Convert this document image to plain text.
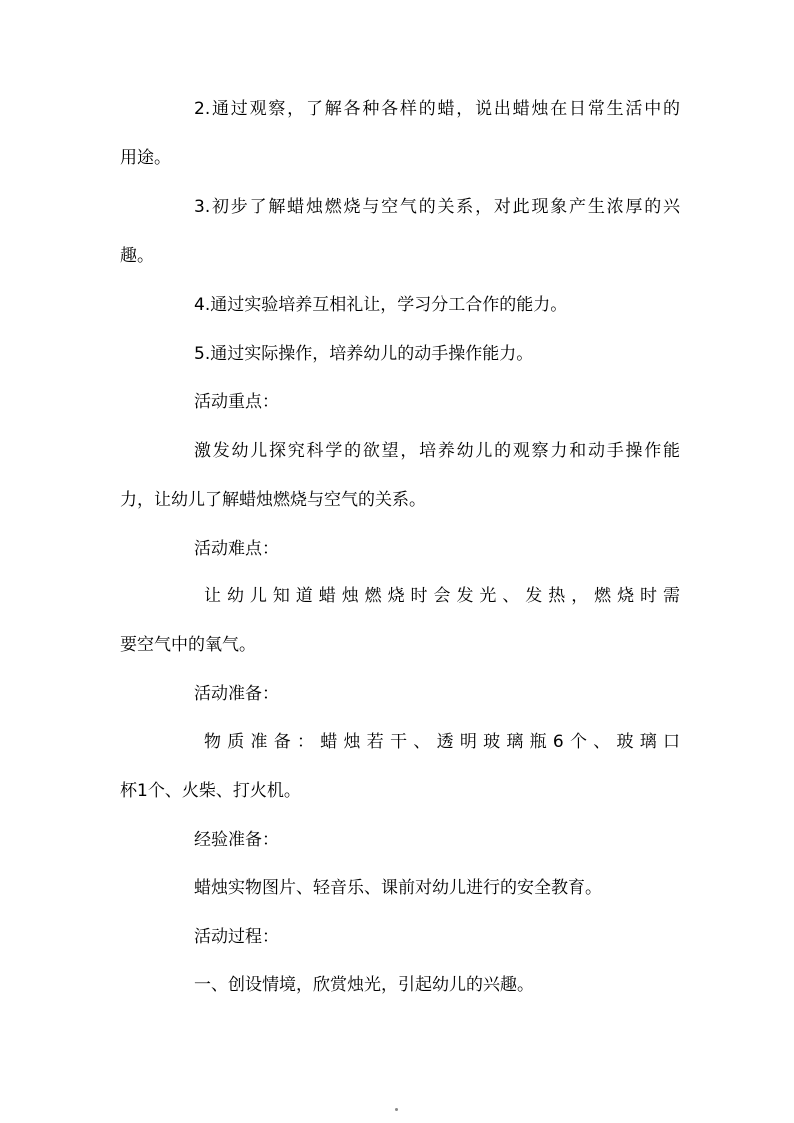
2.通过观察，了解各种各样的蜡，说出蜡烛在日常生活中的
用途。
3.初步了解蜡烛燃烧与空气的关系，对此现象产生浓厚的兴
趣。
4.通过实验培养互相礼让，学习分工合作的能力。
5.通过实际操作，培养幼儿的动手操作能力。
活动重点：
激发幼儿探究科学的欲望，培养幼儿的观察力和动手操作能
力，让幼儿了解蜡烛燃烧与空气的关系。
活动难点：
让幼儿知道蜡烛燃烧时会发光、发热，燃烧时需
要空气中的氧气。
活动准备：
物质准备：蜡烛若干、透明玻璃瓶6个、玻璃口
杯1个、火柴、打火机。
经验准备：
蜡烛实物图片、轻音乐、课前对幼儿进行的安全教育。
活动过程：
一、创设情境，欣赏烛光，引起幼儿的兴趣。
